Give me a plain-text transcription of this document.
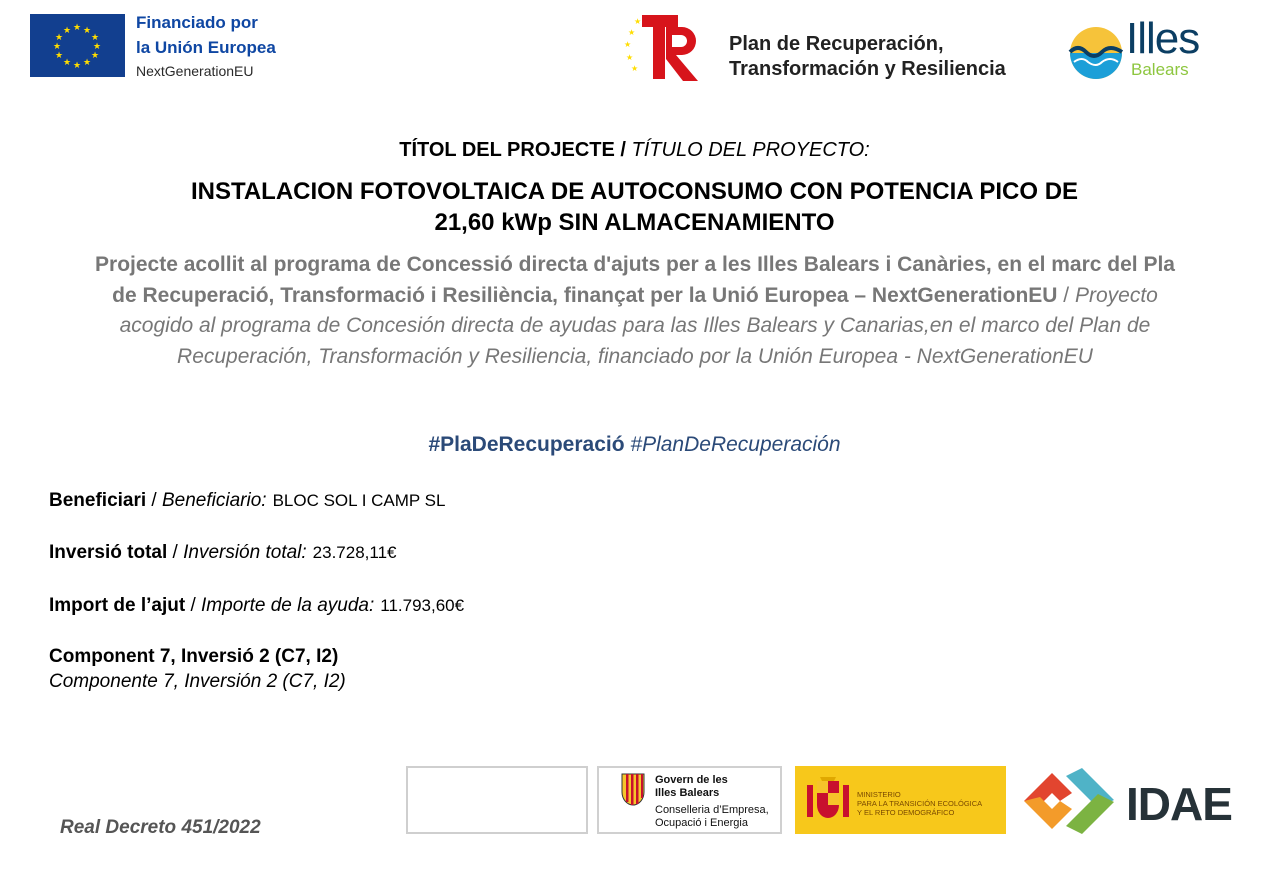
★ ★
★
★
★
★
★
★
★
★
★
★	Financiado por
la Unión Europea
NextGenerationEU
★
★
★
★
★
Plan de Recuperación,
Transformación y Resiliencia
Illes
Balears
TÍTOL DEL PROJECTE / TÍTULO DEL PROYECTO:
INSTALACION FOTOVOLTAICA DE AUTOCONSUMO CON POTENCIA PICO DE
21,60 kWp SIN ALMACENAMIENTO
Projecte acollit al programa de Concessió directa d'ajuts per a les Illes Balears i Canàries, en el marc del Pla de Recuperació, Transformació i Resiliència, finançat per la Unió Europea – NextGenerationEU / Proyecto acogido al programa de Concesión directa de ayudas para las Illes Balears y Canarias,en el marco del Plan de Recuperación, Transformación y Resiliencia, financiado por la Unión Europea - NextGenerationEU
#PlaDeRecuperació #PlanDeRecuperación
Beneficiari / Beneficiario: BLOC SOL I CAMP SL
Inversió total / Inversión total: 23.728,11€
Import de l’ajut / Importe de la ayuda: 11.793,60€
Component 7, Inversió 2 (C7, I2)
Componente 7, Inversión 2 (C7, I2)
Real Decreto 451/2022
Govern de les
Illes Balears
Conselleria d’Empresa,
Ocupació i Energia
MINISTERIO
PARA LA TRANSICIÓN ECOLÓGICA
Y EL RETO DEMOGRÁFICO	IDAE
